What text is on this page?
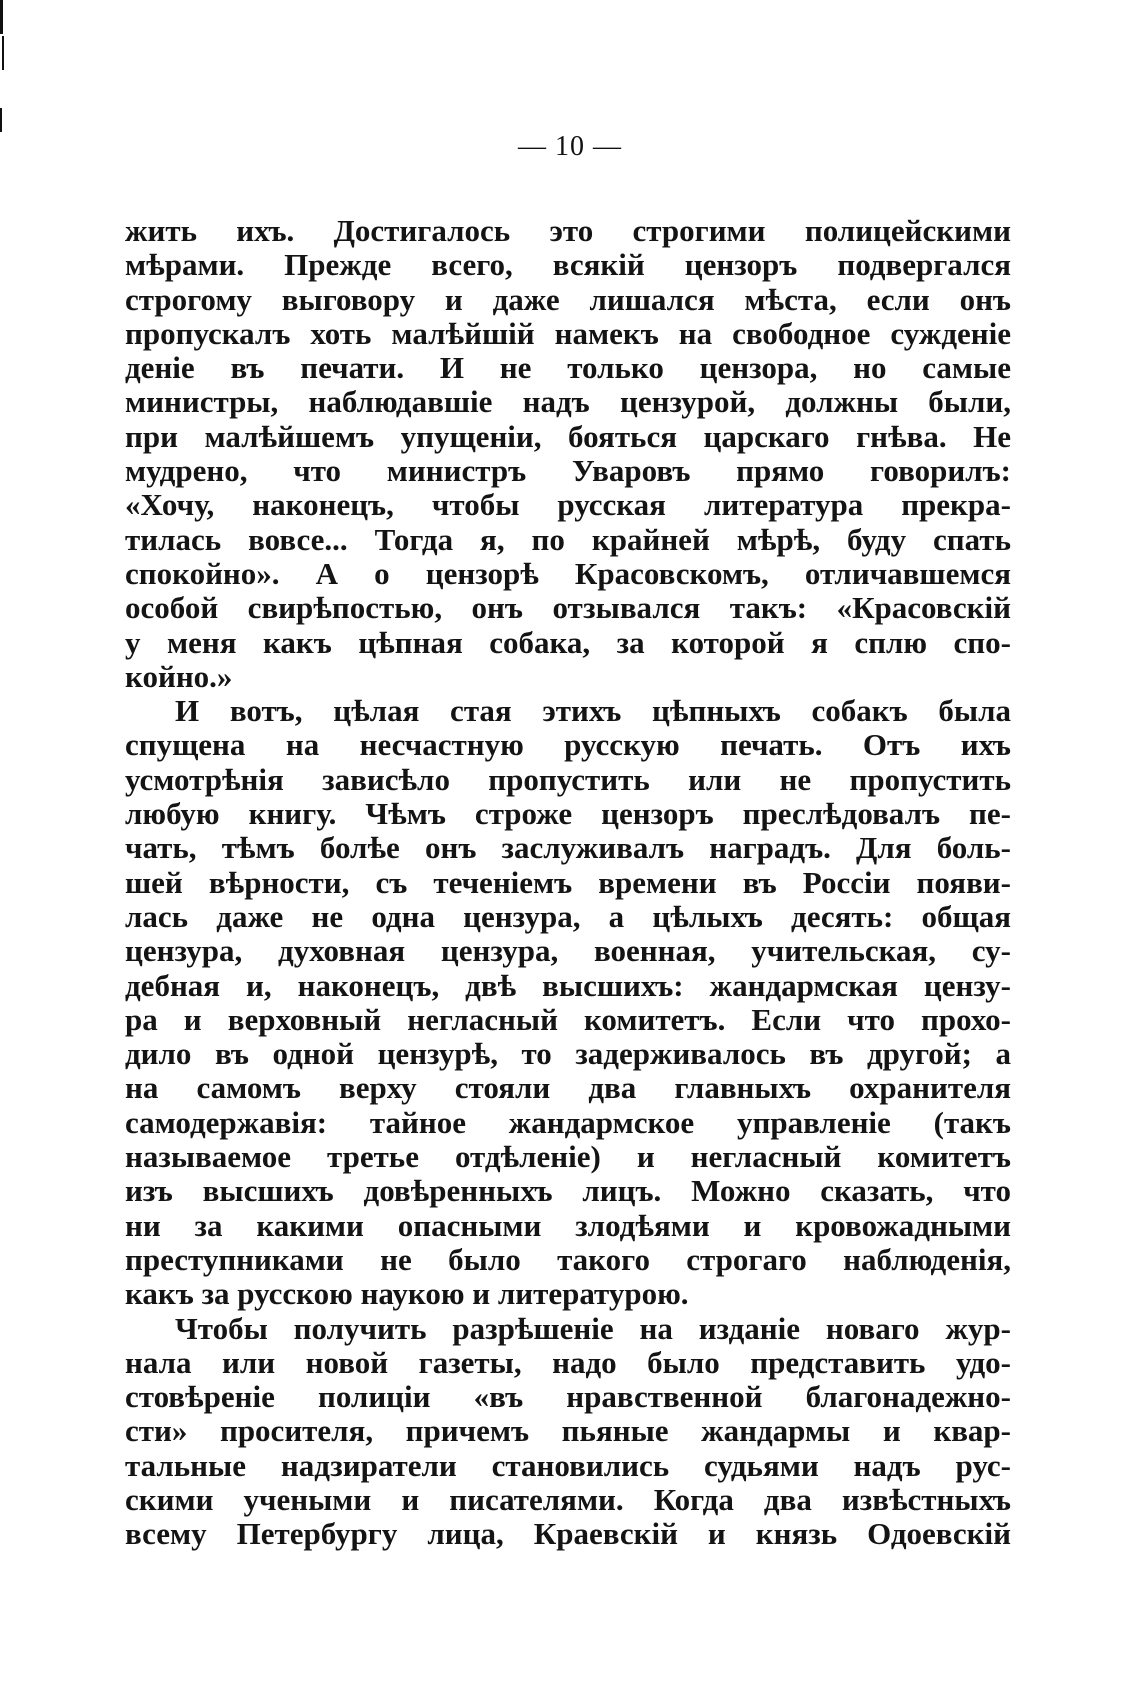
— 10 —
жить ихъ. Достигалось это строгими полицейскими
мѣрами. Прежде всего, всякій цензоръ подвергался
строгому выговору и даже лишался мѣста, если онъ
пропускалъ хоть малѣйшій намекъ на свободное сужденіе
деніе въ печати. И не только цензора, но самые
министры, наблюдавшіе надъ цензурой, должны были,
при малѣйшемъ упущеніи, бояться царскаго гнѣва. Не
мудрено, что министръ Уваровъ прямо говорилъ:
«Хочу, наконецъ, чтобы русская литература прекра-
тилась вовсе... Тогда я, по крайней мѣрѣ, буду спать
спокойно». А о цензорѣ Красовскомъ, отличавшемся
особой свирѣпостью, онъ отзывался такъ: «Красовскій
у меня какъ цѣпная собака, за которой я сплю спо-
койно.»
И вотъ, цѣлая стая этихъ цѣпныхъ собакъ была
спущена на несчастную русскую печать. Отъ ихъ
усмотрѣнія зависѣло пропустить или не пропустить
любую книгу. Чѣмъ строже цензоръ преслѣдовалъ пе-
чать, тѣмъ болѣе онъ заслуживалъ наградъ. Для боль-
шей вѣрности, съ теченіемъ времени въ Россіи появи-
лась даже не одна цензура, а цѣлыхъ десять: общая
цензура, духовная цензура, военная, учительская, су-
дебная и, наконецъ, двѣ высшихъ: жандармская цензу-
ра и верховный негласный комитетъ. Если что прохо-
дило въ одной цензурѣ, то задерживалось въ другой; а
на самомъ верху стояли два главныхъ охранителя
самодержавія: тайное жандармское управленіе (такъ
называемое третье отдѣленіе) и негласный комитетъ
изъ высшихъ довѣренныхъ лицъ. Можно сказать, что
ни за какими опасными злодѣями и кровожадными
преступниками не было такого строгаго наблюденія,
какъ за русскою наукою и литературою.
Чтобы получить разрѣшеніе на изданіе новаго жур-
нала или новой газеты, надо было представить удо-
стовѣреніе полиціи «въ нравственной благонадежно-
сти» просителя, причемъ пьяные жандармы и квар-
тальные надзиратели становились судьями надъ рус-
скими учеными и писателями. Когда два извѣстныхъ
всему Петербургу лица, Краевскій и князь Одоевскій
